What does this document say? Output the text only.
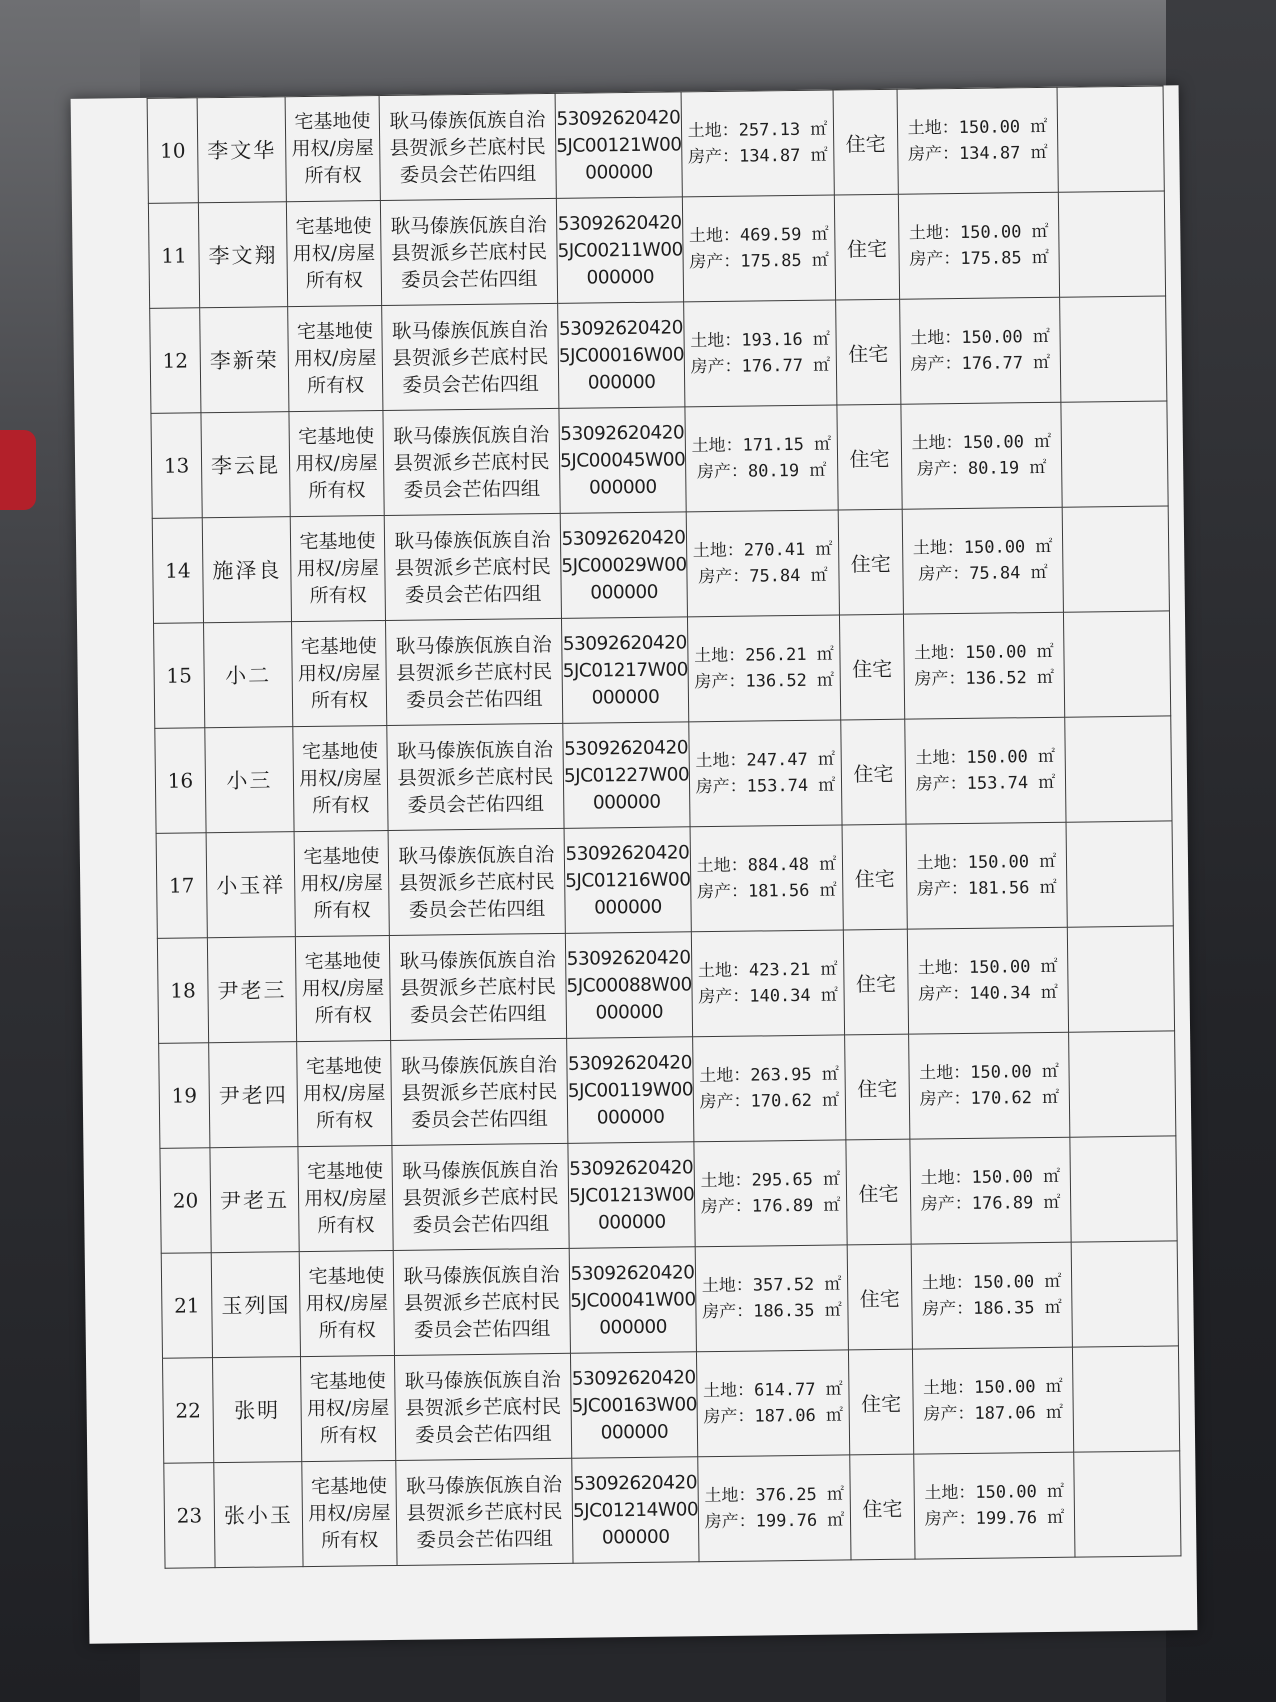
10	李文华	宅基地使
用权/房屋
所有权	耿马傣族佤族自治
县贺派乡芒底村民
委员会芒佑四组	53092620420
5JC00121W00
000000	土地：257.13 ㎡
房产：134.87 ㎡	住宅	土地：150.00 ㎡
房产：134.87 ㎡	

11	李文翔	宅基地使
用权/房屋
所有权	耿马傣族佤族自治
县贺派乡芒底村民
委员会芒佑四组	53092620420
5JC00211W00
000000	土地：469.59 ㎡
房产：175.85 ㎡	住宅	土地：150.00 ㎡
房产：175.85 ㎡	

12	李新荣	宅基地使
用权/房屋
所有权	耿马傣族佤族自治
县贺派乡芒底村民
委员会芒佑四组	53092620420
5JC00016W00
000000	土地：193.16 ㎡
房产：176.77 ㎡	住宅	土地：150.00 ㎡
房产：176.77 ㎡	

13	李云昆	宅基地使
用权/房屋
所有权	耿马傣族佤族自治
县贺派乡芒底村民
委员会芒佑四组	53092620420
5JC00045W00
000000	土地：171.15 ㎡
房产：80.19 ㎡	住宅	土地：150.00 ㎡
房产：80.19 ㎡	

14	施泽良	宅基地使
用权/房屋
所有权	耿马傣族佤族自治
县贺派乡芒底村民
委员会芒佑四组	53092620420
5JC00029W00
000000	土地：270.41 ㎡
房产：75.84 ㎡	住宅	土地：150.00 ㎡
房产：75.84 ㎡	

15	小二	宅基地使
用权/房屋
所有权	耿马傣族佤族自治
县贺派乡芒底村民
委员会芒佑四组	53092620420
5JC01217W00
000000	土地：256.21 ㎡
房产：136.52 ㎡	住宅	土地：150.00 ㎡
房产：136.52 ㎡	

16	小三	宅基地使
用权/房屋
所有权	耿马傣族佤族自治
县贺派乡芒底村民
委员会芒佑四组	53092620420
5JC01227W00
000000	土地：247.47 ㎡
房产：153.74 ㎡	住宅	土地：150.00 ㎡
房产：153.74 ㎡	

17	小玉祥	宅基地使
用权/房屋
所有权	耿马傣族佤族自治
县贺派乡芒底村民
委员会芒佑四组	53092620420
5JC01216W00
000000	土地：884.48 ㎡
房产：181.56 ㎡	住宅	土地：150.00 ㎡
房产：181.56 ㎡	

18	尹老三	宅基地使
用权/房屋
所有权	耿马傣族佤族自治
县贺派乡芒底村民
委员会芒佑四组	53092620420
5JC00088W00
000000	土地：423.21 ㎡
房产：140.34 ㎡	住宅	土地：150.00 ㎡
房产：140.34 ㎡	

19	尹老四	宅基地使
用权/房屋
所有权	耿马傣族佤族自治
县贺派乡芒底村民
委员会芒佑四组	53092620420
5JC00119W00
000000	土地：263.95 ㎡
房产：170.62 ㎡	住宅	土地：150.00 ㎡
房产：170.62 ㎡	

20	尹老五	宅基地使
用权/房屋
所有权	耿马傣族佤族自治
县贺派乡芒底村民
委员会芒佑四组	53092620420
5JC01213W00
000000	土地：295.65 ㎡
房产：176.89 ㎡	住宅	土地：150.00 ㎡
房产：176.89 ㎡	

21	玉列国	宅基地使
用权/房屋
所有权	耿马傣族佤族自治
县贺派乡芒底村民
委员会芒佑四组	53092620420
5JC00041W00
000000	土地：357.52 ㎡
房产：186.35 ㎡	住宅	土地：150.00 ㎡
房产：186.35 ㎡	

22	张明	宅基地使
用权/房屋
所有权	耿马傣族佤族自治
县贺派乡芒底村民
委员会芒佑四组	53092620420
5JC00163W00
000000	土地：614.77 ㎡
房产：187.06 ㎡	住宅	土地：150.00 ㎡
房产：187.06 ㎡	

23	张小玉	宅基地使
用权/房屋
所有权	耿马傣族佤族自治
县贺派乡芒底村民
委员会芒佑四组	53092620420
5JC01214W00
000000	土地：376.25 ㎡
房产：199.76 ㎡	住宅	土地：150.00 ㎡
房产：199.76 ㎡	
